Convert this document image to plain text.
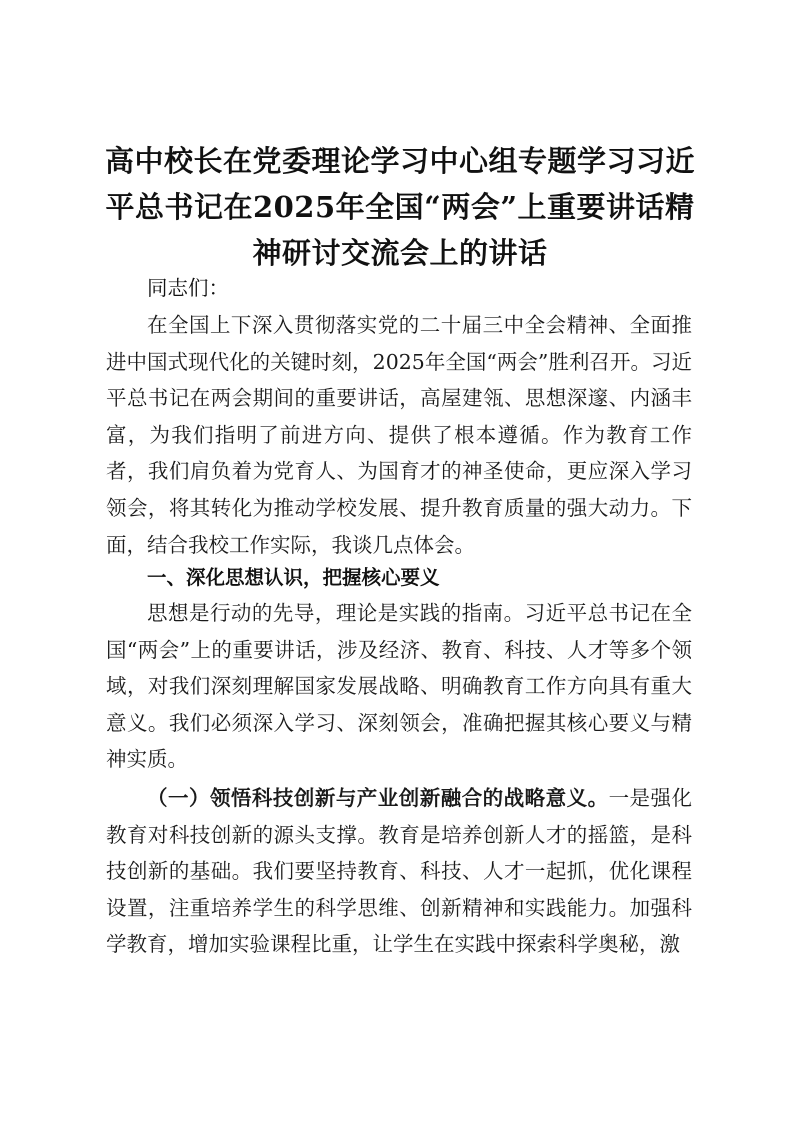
高中校长在党委理论学习中心组专题学习习近平总书记在2025年全国“两会”上重要讲话精神研讨交流会上的讲话

同志们：

在全国上下深入贯彻落实党的二十届三中全会精神、全面推进中国式现代化的关键时刻，2025年全国“两会”胜利召开。习近平总书记在两会期间的重要讲话，高屋建瓴、思想深邃、内涵丰富，为我们指明了前进方向、提供了根本遵循。作为教育工作者，我们肩负着为党育人、为国育才的神圣使命，更应深入学习领会，将其转化为推动学校发展、提升教育质量的强大动力。下面，结合我校工作实际，我谈几点体会。

一、深化思想认识，把握核心要义

思想是行动的先导，理论是实践的指南。习近平总书记在全国“两会”上的重要讲话，涉及经济、教育、科技、人才等多个领域，对我们深刻理解国家发展战略、明确教育工作方向具有重大意义。我们必须深入学习、深刻领会，准确把握其核心要义与精神实质。

（一）领悟科技创新与产业创新融合的战略意义。一是强化教育对科技创新的源头支撑。教育是培养创新人才的摇篮，是科技创新的基础。我们要坚持教育、科技、人才一起抓，优化课程设置，注重培养学生的科学思维、创新精神和实践能力。加强科学教育，增加实验课程比重，让学生在实践中探索科学奥秘，激
